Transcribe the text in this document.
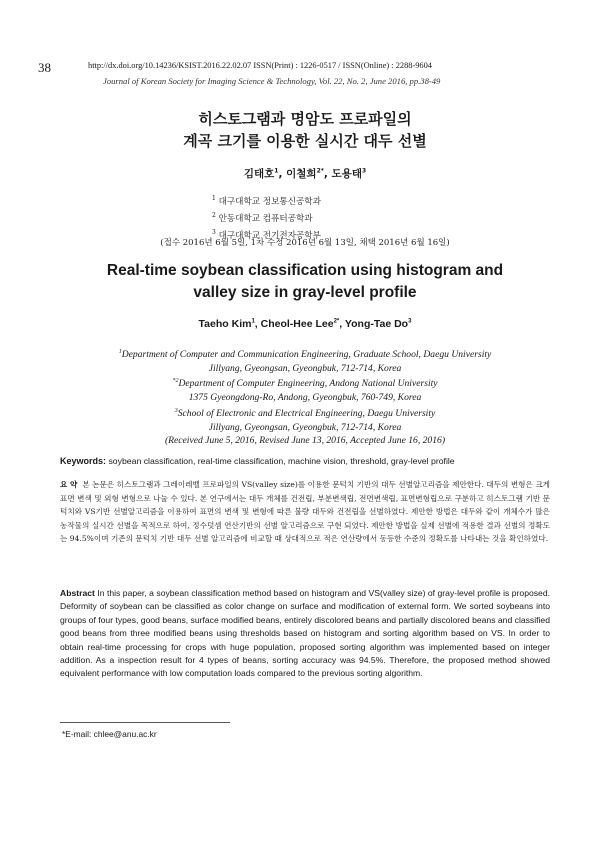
38	http://dx.doi.org/10.14236/KSIST.2016.22.02.07 ISSN(Print) : 1226-0517 / ISSN(Online) : 2288-9604
Journal of Korean Society for Imaging Science & Technology, Vol. 22, No. 2, June 2016, pp.38-49
히스토그램과 명암도 프로파일의
계곡 크기를 이용한 실시간 대두 선별
김태호$^1$, 이철희$^{2*}$, 도용태$^3$
$^1$ 대구대학교 정보통신공학과
$^2$ 안동대학교 컴퓨터공학과
$^3$ 대구대학교 전기전자공학부
(접수 2016년 6월 5일, 1차 수정 2016년 6월 13일, 채택 2016년 6월 16일)
Real-time soybean classification using histogram and
valley size in gray-level profile
Taeho Kim$^1$, Cheol-Hee Lee$^{2*}$, Yong-Tae Do$^3$
$^1$Department of Computer and Communication Engineering, Graduate School, Daegu University
Jillyang, Gyeongsan, Gyeongbuk, 712-714, Korea
$^{*2}$Department of Computer Engineering, Andong National University
1375 Gyeongdong-Ro, Andong, Gyeongbuk, 760-749, Korea
$^3$School of Electronic and Electrical Engineering, Daegu University
Jillyang, Gyeongsan, Gyeongbuk, 712-714, Korea
(Received June 5, 2016, Revised June 13, 2016, Accepted June 16, 2016)
Keywords: soybean classification, real-time classification, machine vision, threshold, gray-level profile
요 약 본 논문은 히스토그램과 그레이레벨 프로파일의 VS(valley size)를 이용한 문턱치 기반의 대두 선별알고리즘을 제안한다. 대두의 변형은 크게 표면 변색 및 외형 변형으로 나눌 수 있다. 본 연구에서는 대두 개체를 건전립, 부분변색립, 전면변색립, 표면변형립으로 구분하고 히스토그램 기반 문턱치와 VS기반 선별알고리즘을 이용하여 표면의 변색 및 변형에 따른 불량 대두와 건전립을 선별하였다. 제안한 방법은 대두와 같이 개체수가 많은 농작물의 실시간 선별을 목적으로 하여, 정수덧셈 연산기반의 선별 알고리즘으로 구현 되었다. 제안한 방법을 실제 선별에 적용한 결과 선별의 정확도는 94.5%이며 기존의 문턱치 기반 대두 선별 알고리즘에 비교할 때 상대적으로 적은 연산량에서 동등한 수준의 정확도를 나타내는 것을 확인하였다.
Abstract In this paper, a soybean classification method based on histogram and VS(valley size) of gray-level profile is proposed. Deformity of soybean can be classified as color change on surface and modification of external form. We sorted soybeans into groups of four types, good beans, surface modified beans, entirely discolored beans and partially discolored beans and classified good beans from three modified beans using thresholds based on histogram and sorting algorithm based on VS. In order to obtain real-time processing for crops with huge population, proposed sorting algorithm was implemented based on integer addition. As a inspection result for 4 types of beans, sorting accuracy was 94.5%. Therefore, the proposed method showed equivalent performance with low computation loads compared to the previous sorting algorithm.
*E-mail: chlee@anu.ac.kr
